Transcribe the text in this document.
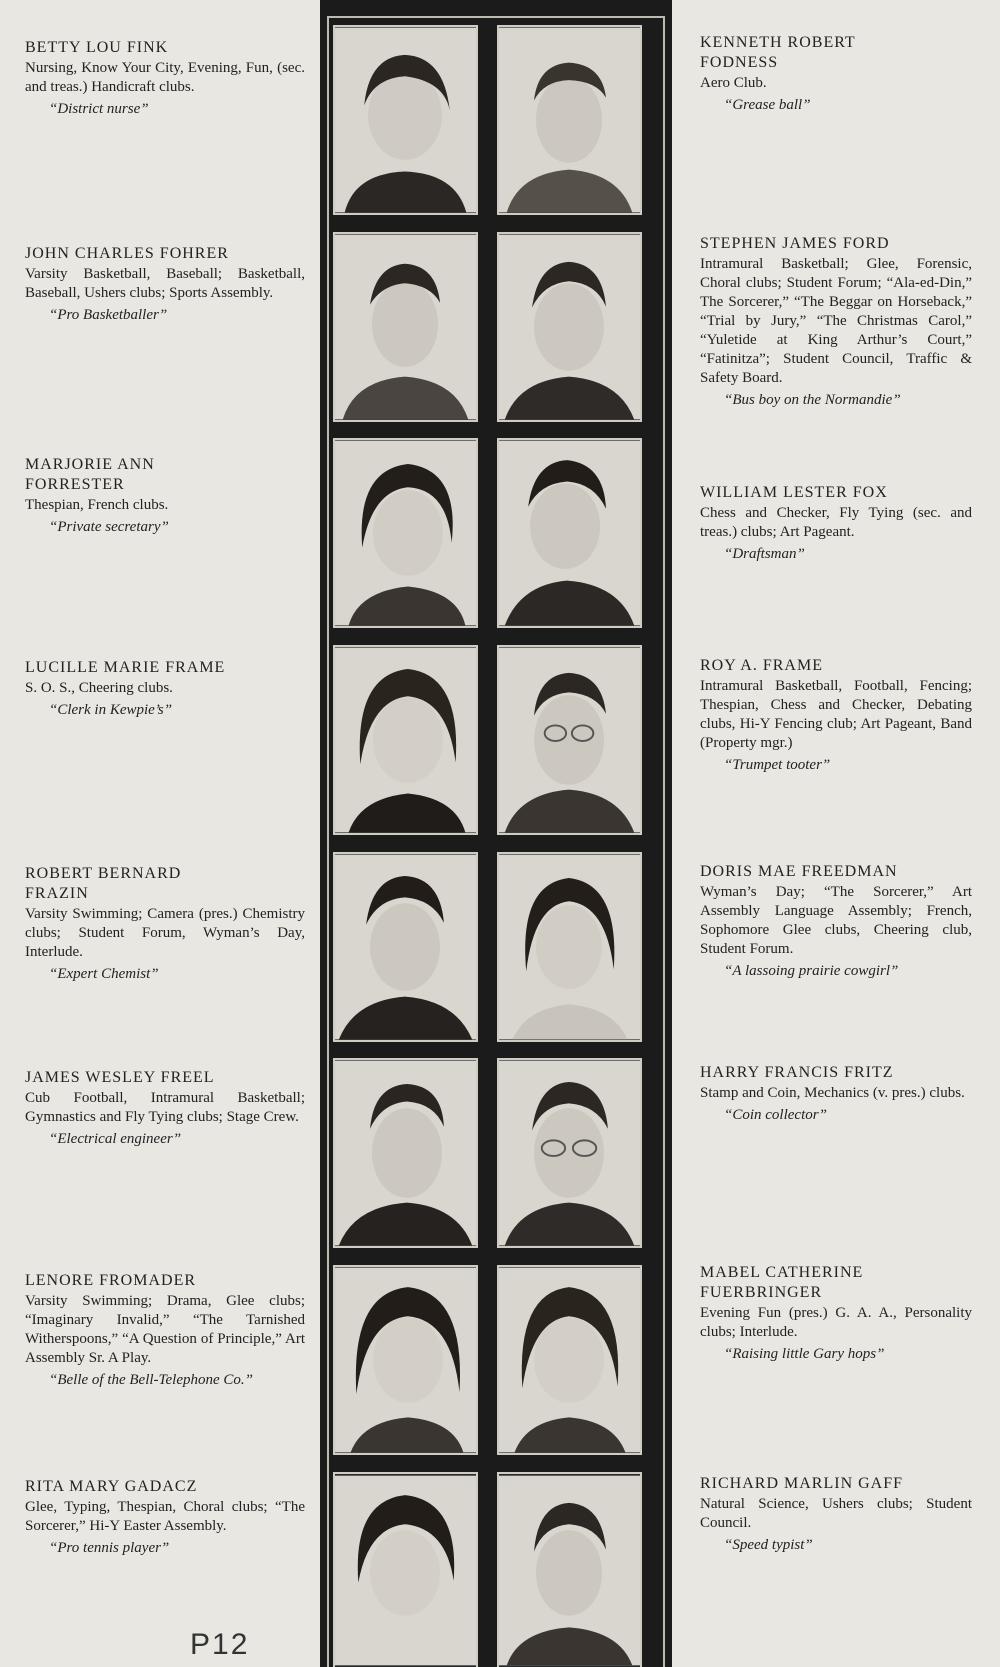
BETTY LOU FINK

Nursing, Know Your City, Evening, Fun, (sec. and treas.) Handicraft clubs.

“District nurse”

JOHN CHARLES FOHRER

Varsity Basketball, Baseball; Basketball, Baseball, Ushers clubs; Sports Assembly.

“Pro Basketballer”

MARJORIE ANN FORRESTER

Thespian, French clubs.

“Private secretary”

LUCILLE MARIE FRAME

S. O. S., Cheering clubs.

“Clerk in Kewpie’s”

ROBERT BERNARD FRAZIN

Varsity Swimming; Camera (pres.) Chemistry clubs; Student Forum, Wyman’s Day, Interlude.

“Expert Chemist”

JAMES WESLEY FREEL

Cub Football, Intramural Basketball; Gymnastics and Fly Tying clubs; Stage Crew.

“Electrical engineer”

LENORE FROMADER

Varsity Swimming; Drama, Glee clubs; “Imaginary Invalid,” “The Tarnished Witherspoons,” “A Question of Principle,” Art Assembly Sr. A Play.

“Belle of the Bell-Telephone Co.”

RITA MARY GADACZ

Glee, Typing, Thespian, Choral clubs; “The Sorcerer,” Hi-Y Easter Assembly.

“Pro tennis player”

KENNETH ROBERT FODNESS

Aero Club.

“Grease ball”

STEPHEN JAMES FORD

Intramural Basketball; Glee, Forensic, Choral clubs; Student Forum; “Ala-ed-Din,” The Sorcerer,” “The Beggar on Horseback,” “Trial by Jury,” “The Christmas Carol,” “Yuletide at King Arthur’s Court,” “Fatinitza”; Student Council, Traffic & Safety Board.

“Bus boy on the Normandie”

WILLIAM LESTER FOX

Chess and Checker, Fly Tying (sec. and treas.) clubs; Art Pageant.

“Draftsman”

ROY A. FRAME

Intramural Basketball, Football, Fencing; Thespian, Chess and Checker, Debating clubs, Hi-Y Fencing club; Art Pageant, Band (Property mgr.)

“Trumpet tooter”

DORIS MAE FREEDMAN

Wyman’s Day; “The Sorcerer,” Art Assembly Language Assembly; French, Sophomore Glee clubs, Cheering club, Student Forum.

“A lassoing prairie cowgirl”

HARRY FRANCIS FRITZ

Stamp and Coin, Mechanics (v. pres.) clubs.

“Coin collector”

MABEL CATHERINE FUERBRINGER

Evening Fun (pres.) G. A. A., Personality clubs; Interlude.

“Raising little Gary hops”

RICHARD MARLIN GAFF

Natural Science, Ushers clubs; Student Council.

“Speed typist”

P12
